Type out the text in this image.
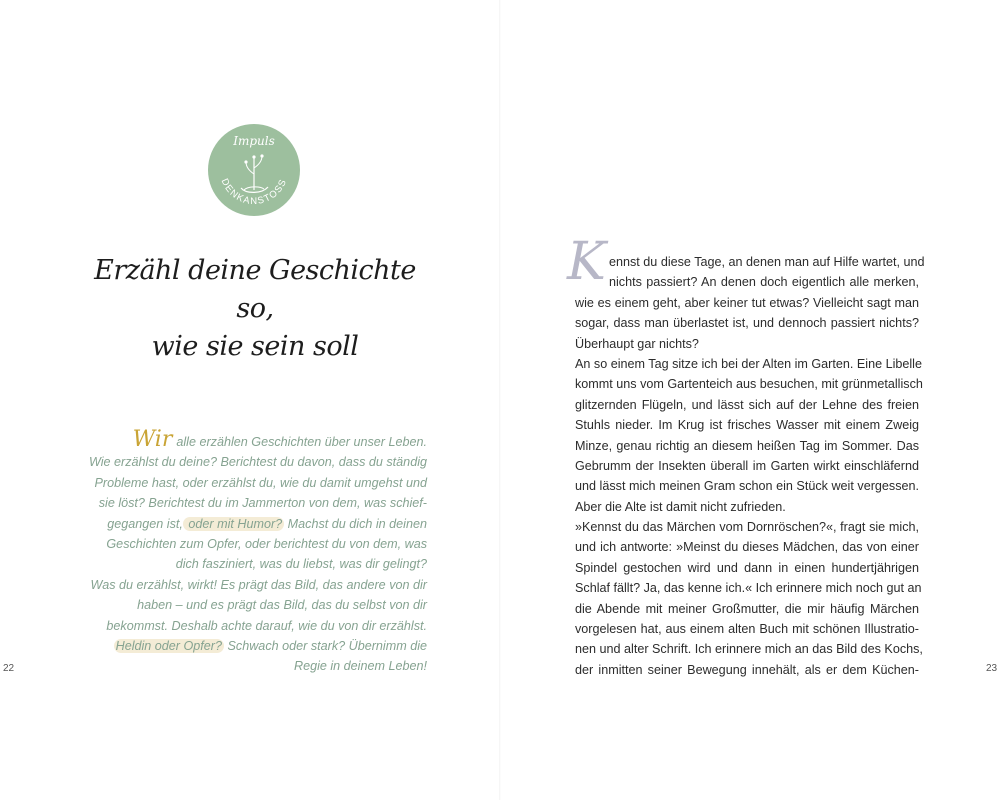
Impuls
DENKANSTOSS
Erzähl deine Geschichte so,
wie sie sein soll
Wir alle erzählen Geschichten über unser Leben.
Wie erzählst du deine? Berichtest du davon, dass du ständig
Probleme hast, oder erzählst du, wie du damit umgehst und
sie löst? Berichtest du im Jammerton von dem, was schief-
gegangen ist, oder mit Humor? Machst du dich in deinen
Geschichten zum Opfer, oder berichtest du von dem, was
dich fasziniert, was du liebst, was dir gelingt?
Was du erzählst, wirkt! Es prägt das Bild, das andere von dir
haben – und es prägt das Bild, das du selbst von dir
bekommst. Deshalb achte darauf, wie du von dir erzählst.
Heldin oder Opfer? Schwach oder stark? Übernimm die
Regie in deinem Leben!
22
K ennst du diese Tage, an denen man auf Hilfe wartet, und
nichts passiert? An denen doch eigentlich alle merken,
wie es einem geht, aber keiner tut etwas? Vielleicht sagt man
sogar, dass man überlastet ist, und dennoch passiert nichts?
Überhaupt gar nichts?
An so einem Tag sitze ich bei der Alten im Garten. Eine Libelle
kommt uns vom Gartenteich aus besuchen, mit grünmetallisch
glitzernden Flügeln, und lässt sich auf der Lehne des freien
Stuhls nieder. Im Krug ist frisches Wasser mit einem Zweig
Minze, genau richtig an diesem heißen Tag im Sommer. Das
Gebrumm der Insekten überall im Garten wirkt einschläfernd
und lässt mich meinen Gram schon ein Stück weit vergessen.
Aber die Alte ist damit nicht zufrieden.
»Kennst du das Märchen vom Dornröschen?«, fragt sie mich,
und ich antworte: »Meinst du dieses Mädchen, das von einer
Spindel gestochen wird und dann in einen hundertjährigen
Schlaf fällt? Ja, das kenne ich.« Ich erinnere mich noch gut an
die Abende mit meiner Großmutter, die mir häufig Märchen
vorgelesen hat, aus einem alten Buch mit schönen Illustratio-
nen und alter Schrift. Ich erinnere mich an das Bild des Kochs,
der inmitten seiner Bewegung innehält, als er dem Küchen-	23
